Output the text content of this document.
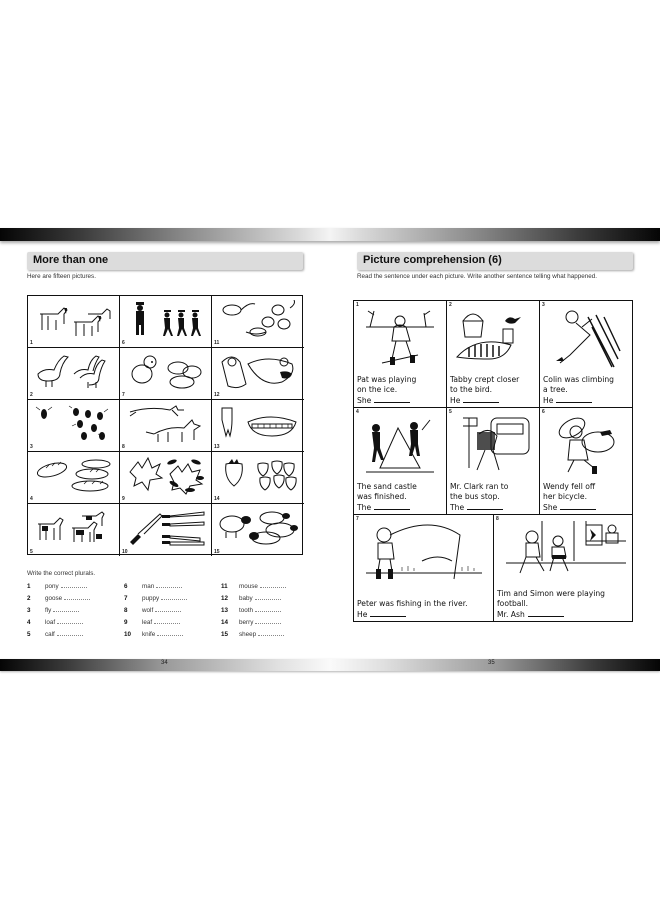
More than one
Here are fifteen pictures.
1	6	11
2	7	12
3	8	13
4	9	14
5	10	15
Write the correct plurals.
1 pony
2 goose
3 fly
4 loaf
5 calf
6 man
7 puppy
8 wolf
9 leaf
10 knife
11 mouse
12 baby
13 tooth
14 berry
15 sheep
Picture comprehension (6)
Read the sentence under each picture. Write another sentence telling what happened.
1
Pat was playing
on the ice.
She
2
Tabby crept closer
to the bird.
He
3
Colin was climbing
a tree.
He
4
The sand castle
was finished.
The
5
Mr. Clark ran to
the bus stop.
The
6
Wendy fell off
her bicycle.
She
7
Peter was fishing in the river.
He
8
Tim and Simon were playing
football.
Mr. Ash
34	35
